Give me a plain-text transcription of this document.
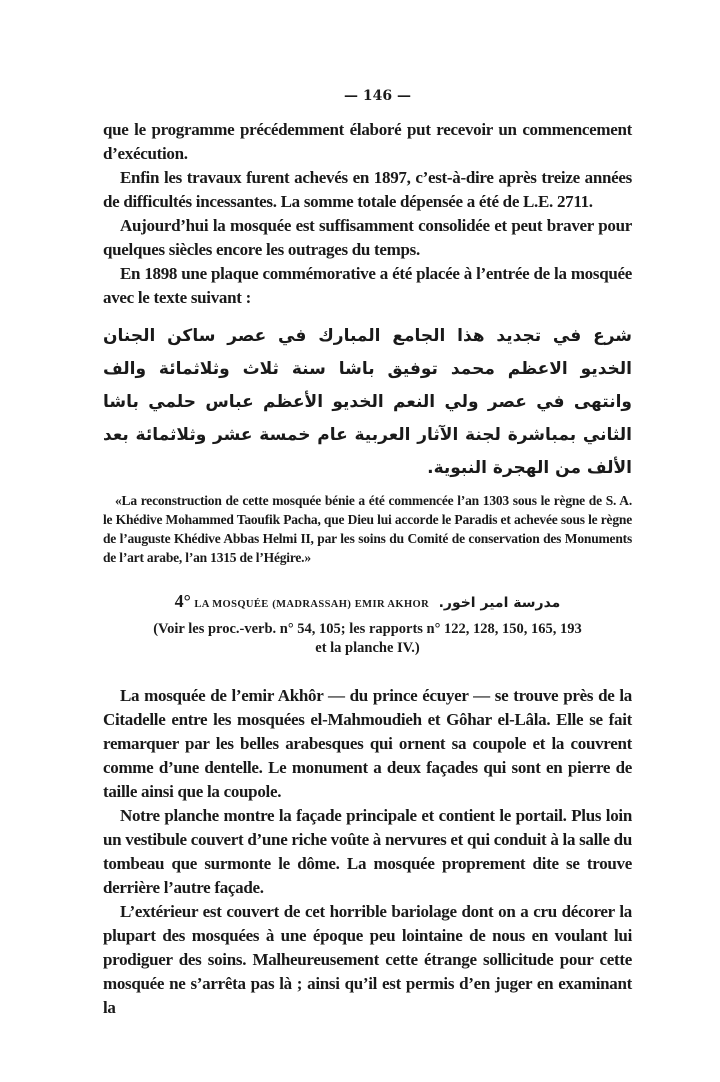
— 146 —

que le programme précédemment élaboré put recevoir un commencement d’exécution.

Enfin les travaux furent achevés en 1897, c’est-à-dire après treize années de difficultés incessantes. La somme totale dépensée a été de L.E. 2711.

Aujourd’hui la mosquée est suffisamment consolidée et peut braver pour quelques siècles encore les outrages du temps.

En 1898 une plaque commémorative a été placée à l’entrée de la mosquée avec le texte suivant :

شرع في تجديد هذا الجامع المبارك في عصر ساكن الجنان الخديو الاعظم محمد توفيق باشا سنة ثلاث وثلاثمائة والف وانتهى في عصر ولي النعم الخديو الأعظم عباس حلمي باشا الثاني بمباشرة لجنة الآثار العربية عام خمسة عشر وثلاثمائة بعد الألف من الهجرة النبوية.

«La reconstruction de cette mosquée bénie a été commencée l’an 1303 sous le règne de S. A. le Khédive Mohammed Taoufik Pacha, que Dieu lui accorde le Paradis et achevée sous le règne de l’auguste Khédive Abbas Helmi II, par les soins du Comité de conservation des Monuments de l’art arabe, l’an 1315 de l’Hégire.»

4° LA MOSQUÉE (MADRASSAH) EMIR AKHOR مدرسة امير اخور.
(Voir les proc.-verb. n° 54, 105; les rapports n° 122, 128, 150, 165, 193
et la planche IV.)

La mosquée de l’emir Akhôr — du prince écuyer — se trouve près de la Citadelle entre les mosquées el-Mahmoudieh et Gôhar el-Lâla. Elle se fait remarquer par les belles arabesques qui ornent sa coupole et la couvrent comme d’une dentelle. Le monument a deux façades qui sont en pierre de taille ainsi que la coupole.

Notre planche montre la façade principale et contient le portail. Plus loin un vestibule couvert d’une riche voûte à nervures et qui conduit à la salle du tombeau que surmonte le dôme. La mosquée proprement dite se trouve derrière l’autre façade.

L’extérieur est couvert de cet horrible bariolage dont on a cru décorer la plupart des mosquées à une époque peu lointaine de nous en voulant lui prodiguer des soins. Malheureusement cette étrange sollicitude pour cette mosquée ne s’arrêta pas là ; ainsi qu’il est permis d’en juger en examinant la
